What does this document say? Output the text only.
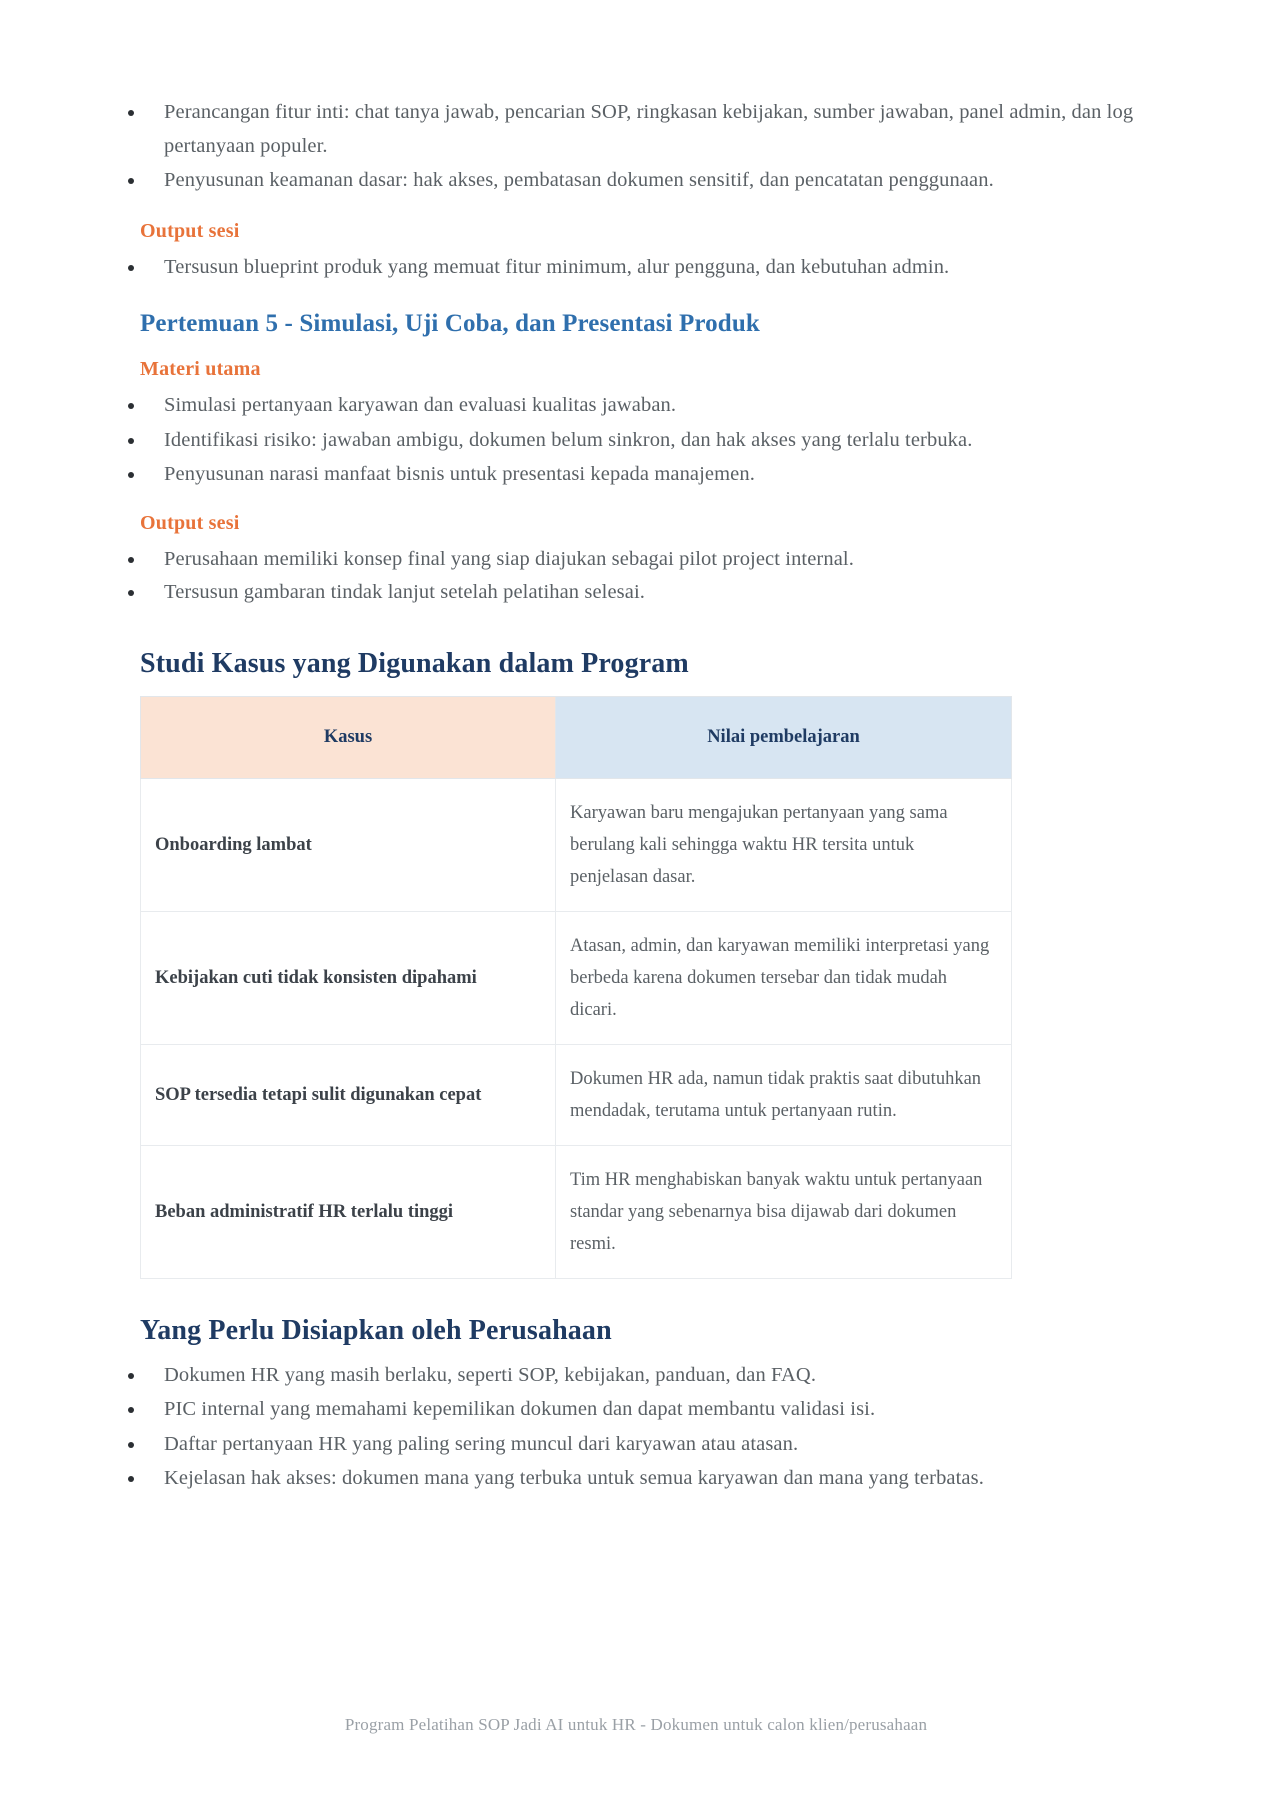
Perancangan fitur inti: chat tanya jawab, pencarian SOP, ringkasan kebijakan, sumber jawaban, panel admin, dan log pertanyaan populer.
Penyusunan keamanan dasar: hak akses, pembatasan dokumen sensitif, dan pencatatan penggunaan.
Output sesi
Tersusun blueprint produk yang memuat fitur minimum, alur pengguna, dan kebutuhan admin.
Pertemuan 5 - Simulasi, Uji Coba, dan Presentasi Produk
Materi utama
Simulasi pertanyaan karyawan dan evaluasi kualitas jawaban.
Identifikasi risiko: jawaban ambigu, dokumen belum sinkron, dan hak akses yang terlalu terbuka.
Penyusunan narasi manfaat bisnis untuk presentasi kepada manajemen.
Output sesi
Perusahaan memiliki konsep final yang siap diajukan sebagai pilot project internal.
Tersusun gambaran tindak lanjut setelah pelatihan selesai.
Studi Kasus yang Digunakan dalam Program
Kasus	Nilai pembelajaran
Onboarding lambat	Karyawan baru mengajukan pertanyaan yang sama berulang kali sehingga waktu HR tersita untuk penjelasan dasar.
Kebijakan cuti tidak konsisten dipahami	Atasan, admin, dan karyawan memiliki interpretasi yang berbeda karena dokumen tersebar dan tidak mudah dicari.
SOP tersedia tetapi sulit digunakan cepat	Dokumen HR ada, namun tidak praktis saat dibutuhkan mendadak, terutama untuk pertanyaan rutin.
Beban administratif HR terlalu tinggi	Tim HR menghabiskan banyak waktu untuk pertanyaan standar yang sebenarnya bisa dijawab dari dokumen resmi.
Yang Perlu Disiapkan oleh Perusahaan
Dokumen HR yang masih berlaku, seperti SOP, kebijakan, panduan, dan FAQ.
PIC internal yang memahami kepemilikan dokumen dan dapat membantu validasi isi.
Daftar pertanyaan HR yang paling sering muncul dari karyawan atau atasan.
Kejelasan hak akses: dokumen mana yang terbuka untuk semua karyawan dan mana yang terbatas.
Program Pelatihan SOP Jadi AI untuk HR - Dokumen untuk calon klien/perusahaan
